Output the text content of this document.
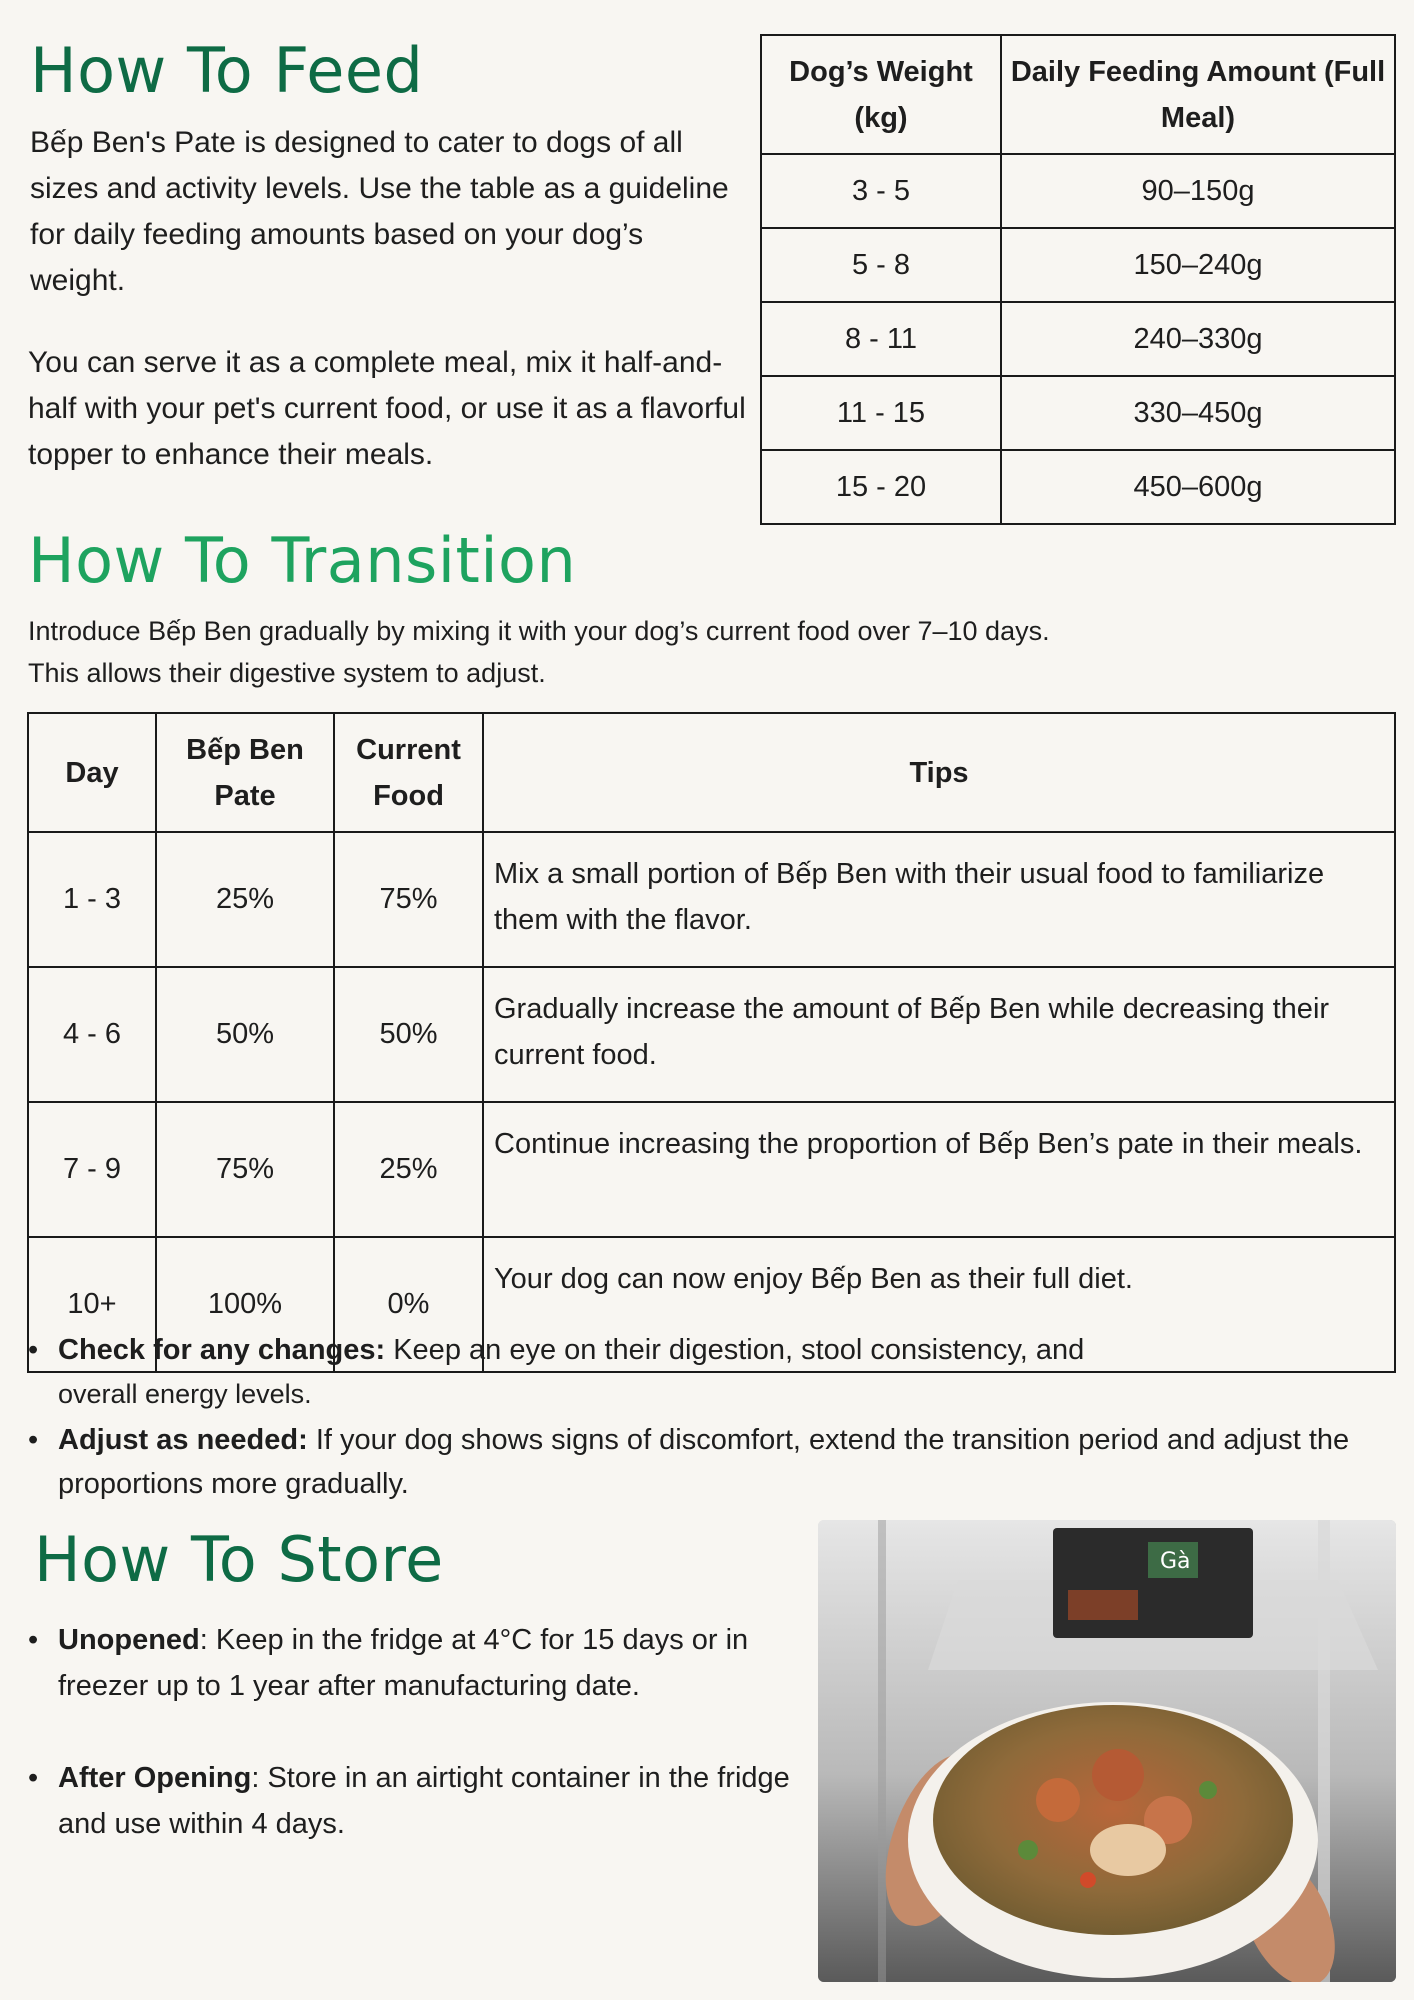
How To Feed

Bếp Ben's Pate is designed to cater to dogs of all sizes and activity levels. Use the table as a guideline for daily feeding amounts based on your dog’s weight.

You can serve it as a complete meal, mix it half-and-half with your pet's current food, or use it as a flavorful topper to enhance their meals.

Dog’s Weight (kg)	Daily Feeding Amount (Full Meal)
3 - 5	90–150g
5 - 8	150–240g
8 - 11	240–330g
11 - 15	330–450g
15 - 20	450–600g
How To Transition

Introduce Bếp Ben gradually by mixing it with your dog’s current food over 7–10 days.
This allows their digestive system to adjust.

Day	Bếp Ben Pate	Current Food	Tips
1 - 3	25%	75%	Mix a small portion of Bếp Ben with their usual food to familiarize them with the flavor.
4 - 6	50%	50%	Gradually increase the amount of Bếp Ben while decreasing their current food.
7 - 9	75%	25%	Continue increasing the proportion of Bếp Ben’s pate in their meals.
10+	100%	0%	Your dog can now enjoy Bếp Ben as their full diet.
• Check for any changes: Keep an eye on their digestion, stool consistency, and
overall energy levels.
• Adjust as needed: If your dog shows signs of discomfort, extend the transition period and adjust the proportions more gradually.
How To Store
• Unopened: Keep in the fridge at 4°C for 15 days or in freezer up to 1 year after manufacturing date.
• After Opening: Store in an airtight container in the fridge and use within 4 days.
Gà
